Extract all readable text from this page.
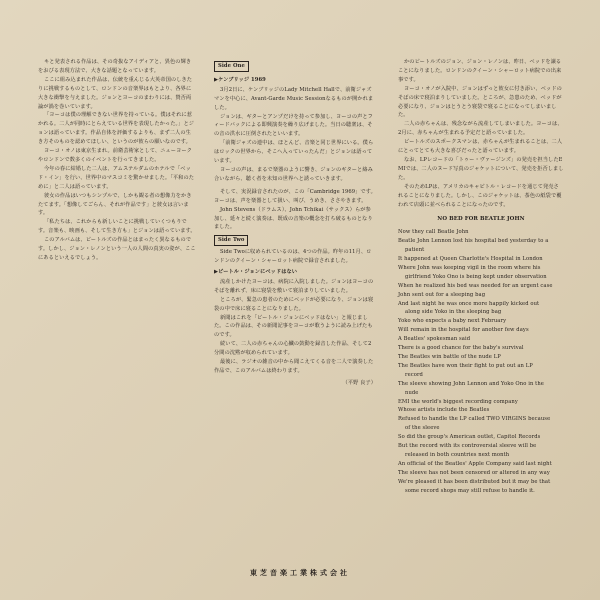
キと発表される作品は、その奇抜なアイディアと、異色の輝きをおびる表現方法で、大きな話題となっています。

ここに組み込まれた作品は、伝統を重んじる大英帝国のしきたりに挑戦するものとして、ロンドンの音楽界はもとより、各界に大きな衝撃を与えました。ジョンとヨーコのまわりには、賛否両論が渦を巻いています。

「ヨーコは僕の理解できない世界を持っている。僕はそれに惹かれる。二人が同時にとらえている世界を表現したかった。」とジョンは語っています。作品自体を評価するよりも、まず二人の生き方そのものを認めてほしい、というのが彼らの願いなのです。

ヨーコ・オノは東京生まれ。前衛芸術家として、ニューヨークやロンドンで数多くのイベントを行ってきました。

今年の春に結婚した二人は、アムステルダムのホテルで「ベッド・イン」を行い、世界中のマスコミを驚かせました。「平和のために」と二人は語っています。

彼女の作品はいつもシンプルで、しかも観る者の想像力をかきたてます。「想像してごらん、それが作品です」と彼女は言います。

「私たちは、これからも新しいことに挑戦していくつもりです。音楽も、映画も、そして生き方も」とジョンは語っています。

このアルバムは、ビートルズの作品とはまったく異なるものです。しかし、ジョン・レノンという一人の人間の真実の姿が、ここにあるといえるでしょう。

Side One
▶ケンブリッジ 1969

3月2日に、ケンブリッジのLady Mitchell Hallで、前衛ジャズマンを中心に、Avant-Garde Music Sessionなるものが開かれました。

ジョンは、ギターとアンプだけを持って参加し、ヨーコの声とフィードバックによる即興演奏を繰り広げました。当日の聴衆は、その音の洪水に圧倒されたといいます。

「前衛ジャズの連中は、ほとんど、音楽と同じ世界にいる。僕らはロックの世界から、そこへ入っていったんだ」とジョンは語っています。

ヨーコの声は、まるで楽器のように響き、ジョンのギターと絡み合いながら、聴く者を未知の世界へと誘っていきます。

そして、実況録音されたのが、この「Cambridge 1969」です。ヨーコは、声を楽器として扱い、叫び、うめき、ささやきます。

John Stevens（ドラムス）、John Tchikai（サックス）らが参加し、延々と続く演奏は、既成の音楽の概念を打ち破るものとなりました。

Side Two

Side Twoに収められているのは、4つの作品。昨年の11月、ロンドンのクイーン・シャーロット病院で録音されました。

▶ビートル・ジョンにベッドはない

流産しかけたヨーコは、病院に入院しました。ジョンはヨーコのそばを離れず、床に寝袋を敷いて寝泊まりしていました。

ところが、緊急の患者のためにベッドが必要になり、ジョンは寝袋の中で床に寝ることになりました。

新聞はこれを「ビートル・ジョンにベッドはない」と報じました。この作品は、その新聞記事をヨーコが歌うように読み上げたものです。

続いて、二人の赤ちゃんの心臓の鼓動を録音した作品、そして2分間の沈黙が収められています。

最後に、ラジオの雑音の中から聞こえてくる音を二人で演奏した作品で、このアルバムは終わります。

（平野 良子）

かのビートルズのジョン、ジョン・レノンは、昨日、ベッドを譲ることになりました。ロンドンのクイーン・シャーロット病院での出来事です。

ヨーコ・オノが入院中、ジョンはずっと彼女に付き添い、ベッドのそばの床で寝泊まりしていました。ところが、急患のため、ベッドが必要になり、ジョンはとうとう寝袋で寝ることになってしまいました。

二人の赤ちゃんは、残念ながら流産してしまいました。ヨーコは、2月に、赤ちゃんが生まれる予定だと語っていました。

ビートルズのスポークスマンは、赤ちゃんが生まれることは、二人にとってとても大きな喜びだったと語っています。

なお、LPレコードの「トゥー・ヴァージンズ」の発売を担当したEMIでは、二人のヌード写真のジャケットについて、発売を拒否しました。

そのためLPは、アメリカのキャピトル・レコードを通じて発売されることになりました。しかし、このジャケットは、茶色の紙袋で覆われて店頭に並べられることになったのです。

NO BED FOR BEATLE JOHN

Now they call Beatle John

Beatle John Lennon lost his hospital bed yesterday to a

patient

It happened at Queen Charlotte's Hospital in London

Where John was keeping vigil in the room where his

girlfriend Yoko Ono is being kept under observation

When he realized his bed was needed for an urgent case

John sent out for a sleeping bag

And last night he was once more happily kicked out

along side Yoko in the sleeping bag

Yoko who expects a baby next February

Will remain in the hospital for another few days

A Beatles' spokesman said

There is a good chance for the baby's survival

The Beatles win battle of the nude LP

The Beatles have won their fight to put out an LP

record

The sleeve showing John Lennon and Yoko Ono in the

nude

EMI the world's biggest recording company

Whose artists include the Beatles

Refused to handle the LP called TWO VIRGINS because

of the sleeve

So did the group's American outlet, Capitol Records

But the record with its controversial sleeve will be

released in both countries next month

An official of the Beatles' Apple Company said last night

The sleeve has not been censored or altered in any way

We're pleased it has been distributed but it may be that

some record shops may still refuse to handle it.

東芝音楽工業株式会社
